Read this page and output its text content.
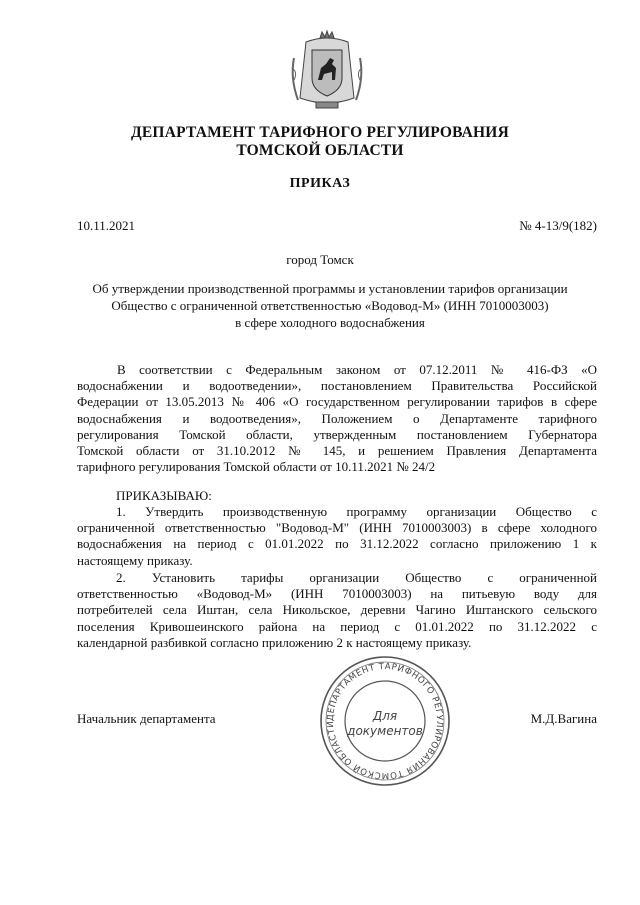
ДЕПАРТАМЕНТ ТАРИФНОГО РЕГУЛИРОВАНИЯ
ТОМСКОЙ ОБЛАСТИ
ПРИКАЗ
10.11.2021	№ 4-13/9(182)
город Томск
Об утверждении производственной программы и установлении тарифов организации
Общество с ограниченной ответственностью «Водовод-М» (ИНН 7010003003)
в сфере холодного водоснабжения
В соответствии с Федеральным законом от 07.12.2011 № 416-ФЗ «О
водоснабжении и водоотведении», постановлением Правительства Российской
Федерации от 13.05.2013 № 406 «О государственном регулировании тарифов в сфере
водоснабжения и водоотведения», Положением о Департаменте тарифного
регулирования Томской области, утвержденным постановлением Губернатора
Томской области от 31.10.2012 № 145, и решением Правления Департамента
тарифного регулирования Томской области от 10.11.2021 № 24/2
ПРИКАЗЫВАЮ:
1. Утвердить производственную программу организации Общество с
ограниченной ответственностью "Водовод-М" (ИНН 7010003003) в сфере холодного
водоснабжения на период с 01.01.2022 по 31.12.2022 согласно приложению 1 к
настоящему приказу.
2. Установить тарифы организации Общество с ограниченной
ответственностью «Водовод-М» (ИНН 7010003003) на питьевую воду для
потребителей села Иштан, села Никольское, деревни Чагино Иштанского сельского
поселения Кривошеинского района на период с 01.01.2022 по 31.12.2022 с
календарной разбивкой согласно приложению 2 к настоящему приказу.
Начальник департамента	М.Д.Вагина
ДЕПАРТАМЕНТ ТАРИФНОГО РЕГУЛИРОВАНИЯ ТОМСКОЙ ОБЛАСТИ
Для
документов
